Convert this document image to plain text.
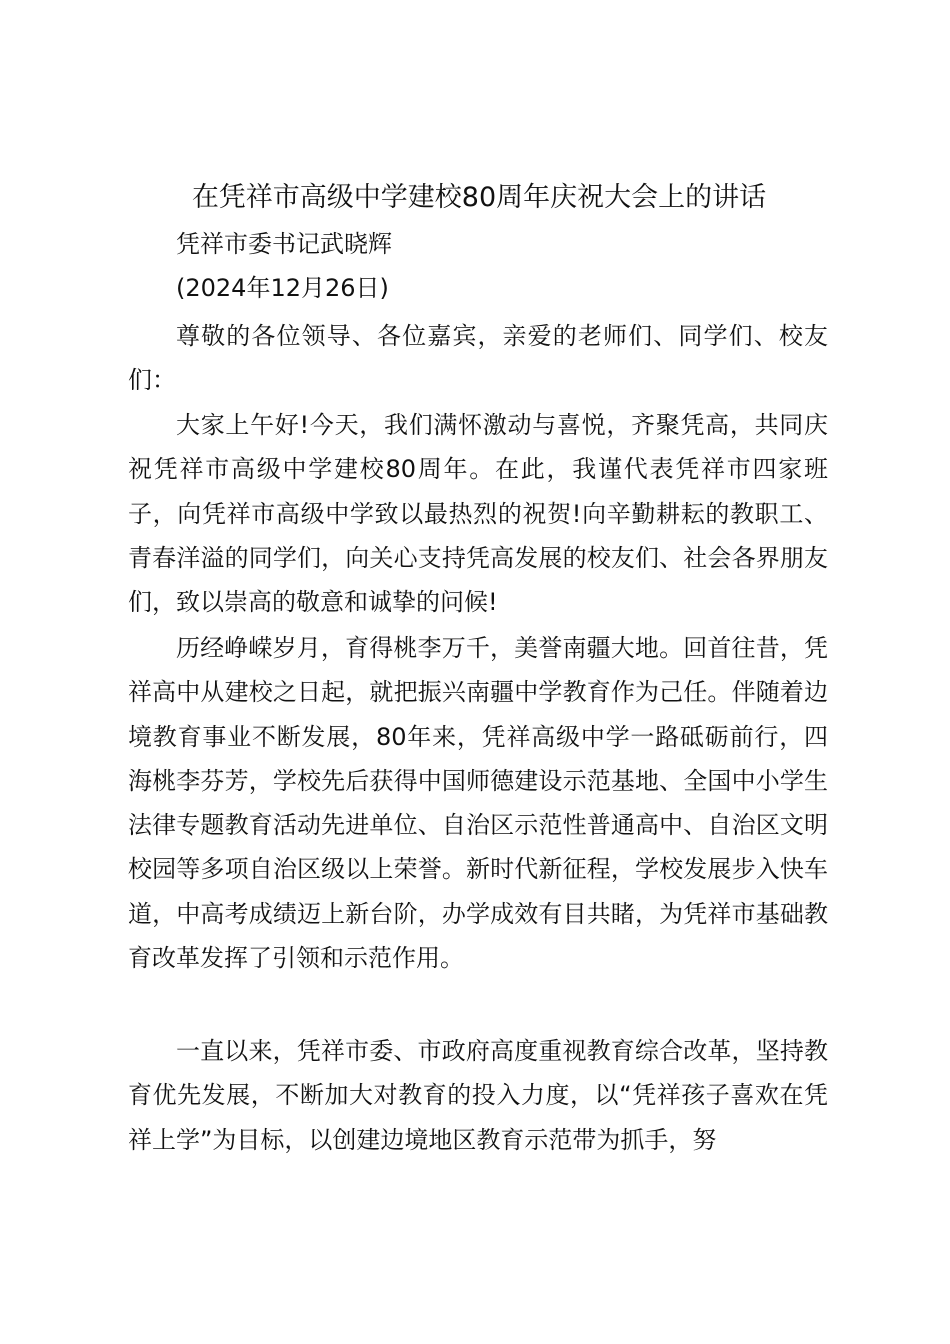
在凭祥市高级中学建校80周年庆祝大会上的讲话
凭祥市委书记武晓辉
(2024年12月26日)

尊敬的各位领导、各位嘉宾，亲爱的老师们、同学们、校友们：

大家上午好!今天，我们满怀激动与喜悦，齐聚凭高，共同庆祝凭祥市高级中学建校80周年。在此，我谨代表凭祥市四家班子，向凭祥市高级中学致以最热烈的祝贺!向辛勤耕耘的教职工、青春洋溢的同学们，向关心支持凭高发展的校友们、社会各界朋友们，致以崇高的敬意和诚挚的问候!

历经峥嵘岁月，育得桃李万千，美誉南疆大地。回首往昔，凭祥高中从建校之日起，就把振兴南疆中学教育作为己任。伴随着边境教育事业不断发展，80年来，凭祥高级中学一路砥砺前行，四海桃李芬芳，学校先后获得中国师德建设示范基地、全国中小学生法律专题教育活动先进单位、自治区示范性普通高中、自治区文明校园等多项自治区级以上荣誉。新时代新征程，学校发展步入快车道，中高考成绩迈上新台阶，办学成效有目共睹，为凭祥市基础教育改革发挥了引领和示范作用。

一直以来，凭祥市委、市政府高度重视教育综合改革，坚持教育优先发展，不断加大对教育的投入力度，以“凭祥孩子喜欢在凭祥上学”为目标，以创建边境地区教育示范带为抓手，努
